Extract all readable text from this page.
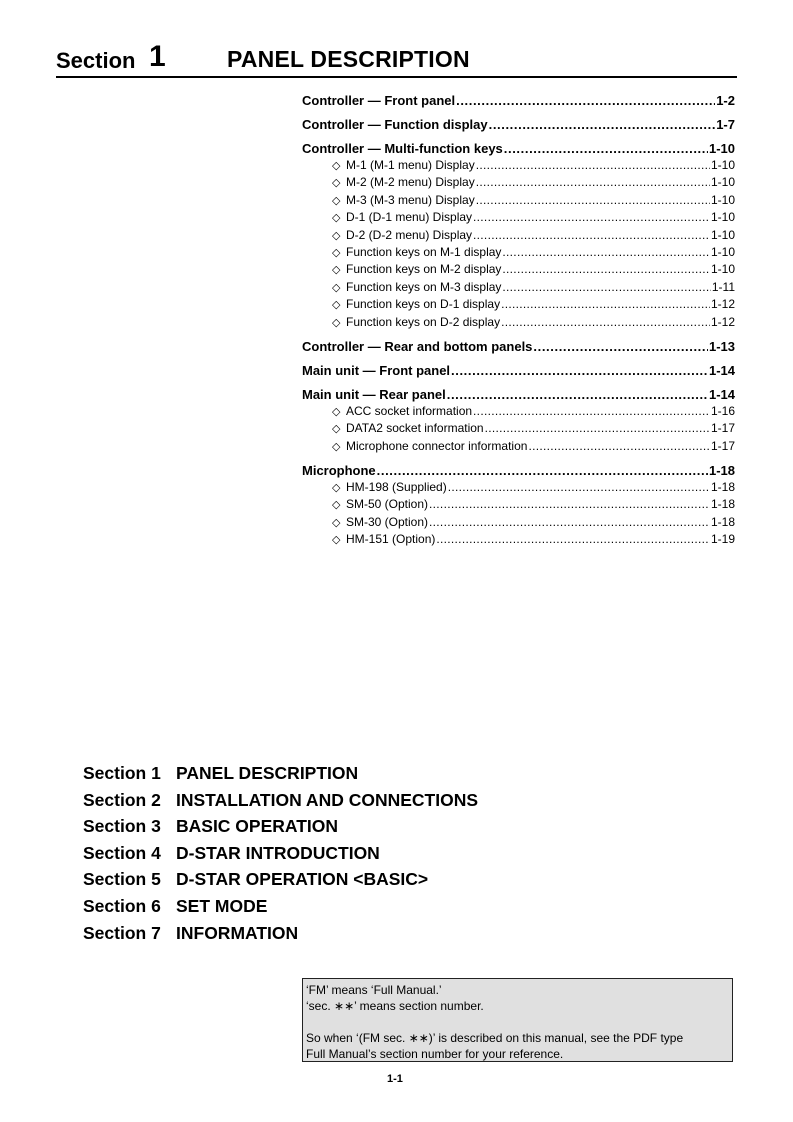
Section 1	PANEL DESCRIPTION
Controller — Front panel .....	1-2
Controller — Function display .....	1-7
Controller — Multi-function keys .....	1-10
◇ M-1 (M-1 menu) Display .....	1-10
◇ M-2 (M-2 menu) Display .....	1-10
◇ M-3 (M-3 menu) Display .....	1-10
◇ D-1 (D-1 menu) Display .....	1-10
◇ D-2 (D-2 menu) Display .....	1-10
◇ Function keys on M-1 display .....	1-10
◇ Function keys on M-2 display .....	1-10
◇ Function keys on M-3 display .....	1-11
◇ Function keys on D-1 display .....	1-12
◇ Function keys on D-2 display .....	1-12
Controller — Rear and bottom panels .....	1-13
Main unit — Front panel .....	1-14
Main unit — Rear panel .....	1-14
◇ ACC socket information .....	1-16
◇ DATA2 socket information .....	1-17
◇ Microphone connector information .....	1-17
Microphone .....	1-18
◇ HM-198 (Supplied) .....	1-18
◇ SM-50 (Option) .....	1-18
◇ SM-30 (Option) .....	1-18
◇ HM-151 (Option) .....	1-19
Section 1 PANEL DESCRIPTION
Section 2 INSTALLATION AND CONNECTIONS
Section 3 BASIC OPERATION
Section 4 D-STAR INTRODUCTION
Section 5 D-STAR OPERATION <BASIC>
Section 6 SET MODE
Section 7 INFORMATION
‘FM’ means ‘Full Manual.’
‘sec. ∗∗’ means section number.
So when ‘(FM sec. ∗∗)’ is described on this manual, see the PDF type
Full Manual’s section number for your reference.
1-1
